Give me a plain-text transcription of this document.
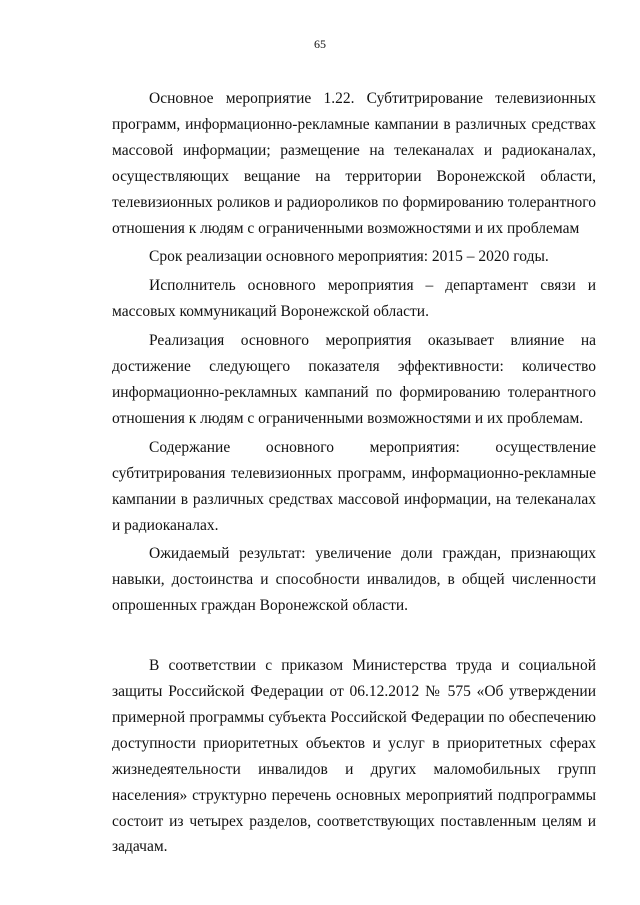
65

Основное мероприятие 1.22. Субтитрирование телевизионных программ, информационно-рекламные кампании в различных средствах массовой информации; размещение на телеканалах и радиоканалах, осуществляющих вещание на территории Воронежской области, телевизионных роликов и радиороликов по формированию толерантного отношения к людям с ограниченными возможностями и их проблемам

Срок реализации основного мероприятия: 2015 – 2020 годы.

Исполнитель основного мероприятия – департамент связи и массовых коммуникаций Воронежской области.

Реализация основного мероприятия оказывает влияние на достижение следующего показателя эффективности: количество информационно-рекламных кампаний по формированию толерантного отношения к людям с ограниченными возможностями и их проблемам.

Содержание основного мероприятия: осуществление субтитрирования телевизионных программ, информационно-рекламные кампании в различных средствах массовой информации, на телеканалах и радиоканалах.

Ожидаемый результат: увеличение доли граждан, признающих навыки, достоинства и способности инвалидов, в общей численности опрошенных граждан Воронежской области.

В соответствии с приказом Министерства труда и социальной защиты Российской Федерации от 06.12.2012 № 575 «Об утверждении примерной программы субъекта Российской Федерации по обеспечению доступности приоритетных объектов и услуг в приоритетных сферах жизнедеятельности инвалидов и других маломобильных групп населения» структурно перечень основных мероприятий подпрограммы состоит из четырех разделов, соответствующих поставленным целям и задачам.
